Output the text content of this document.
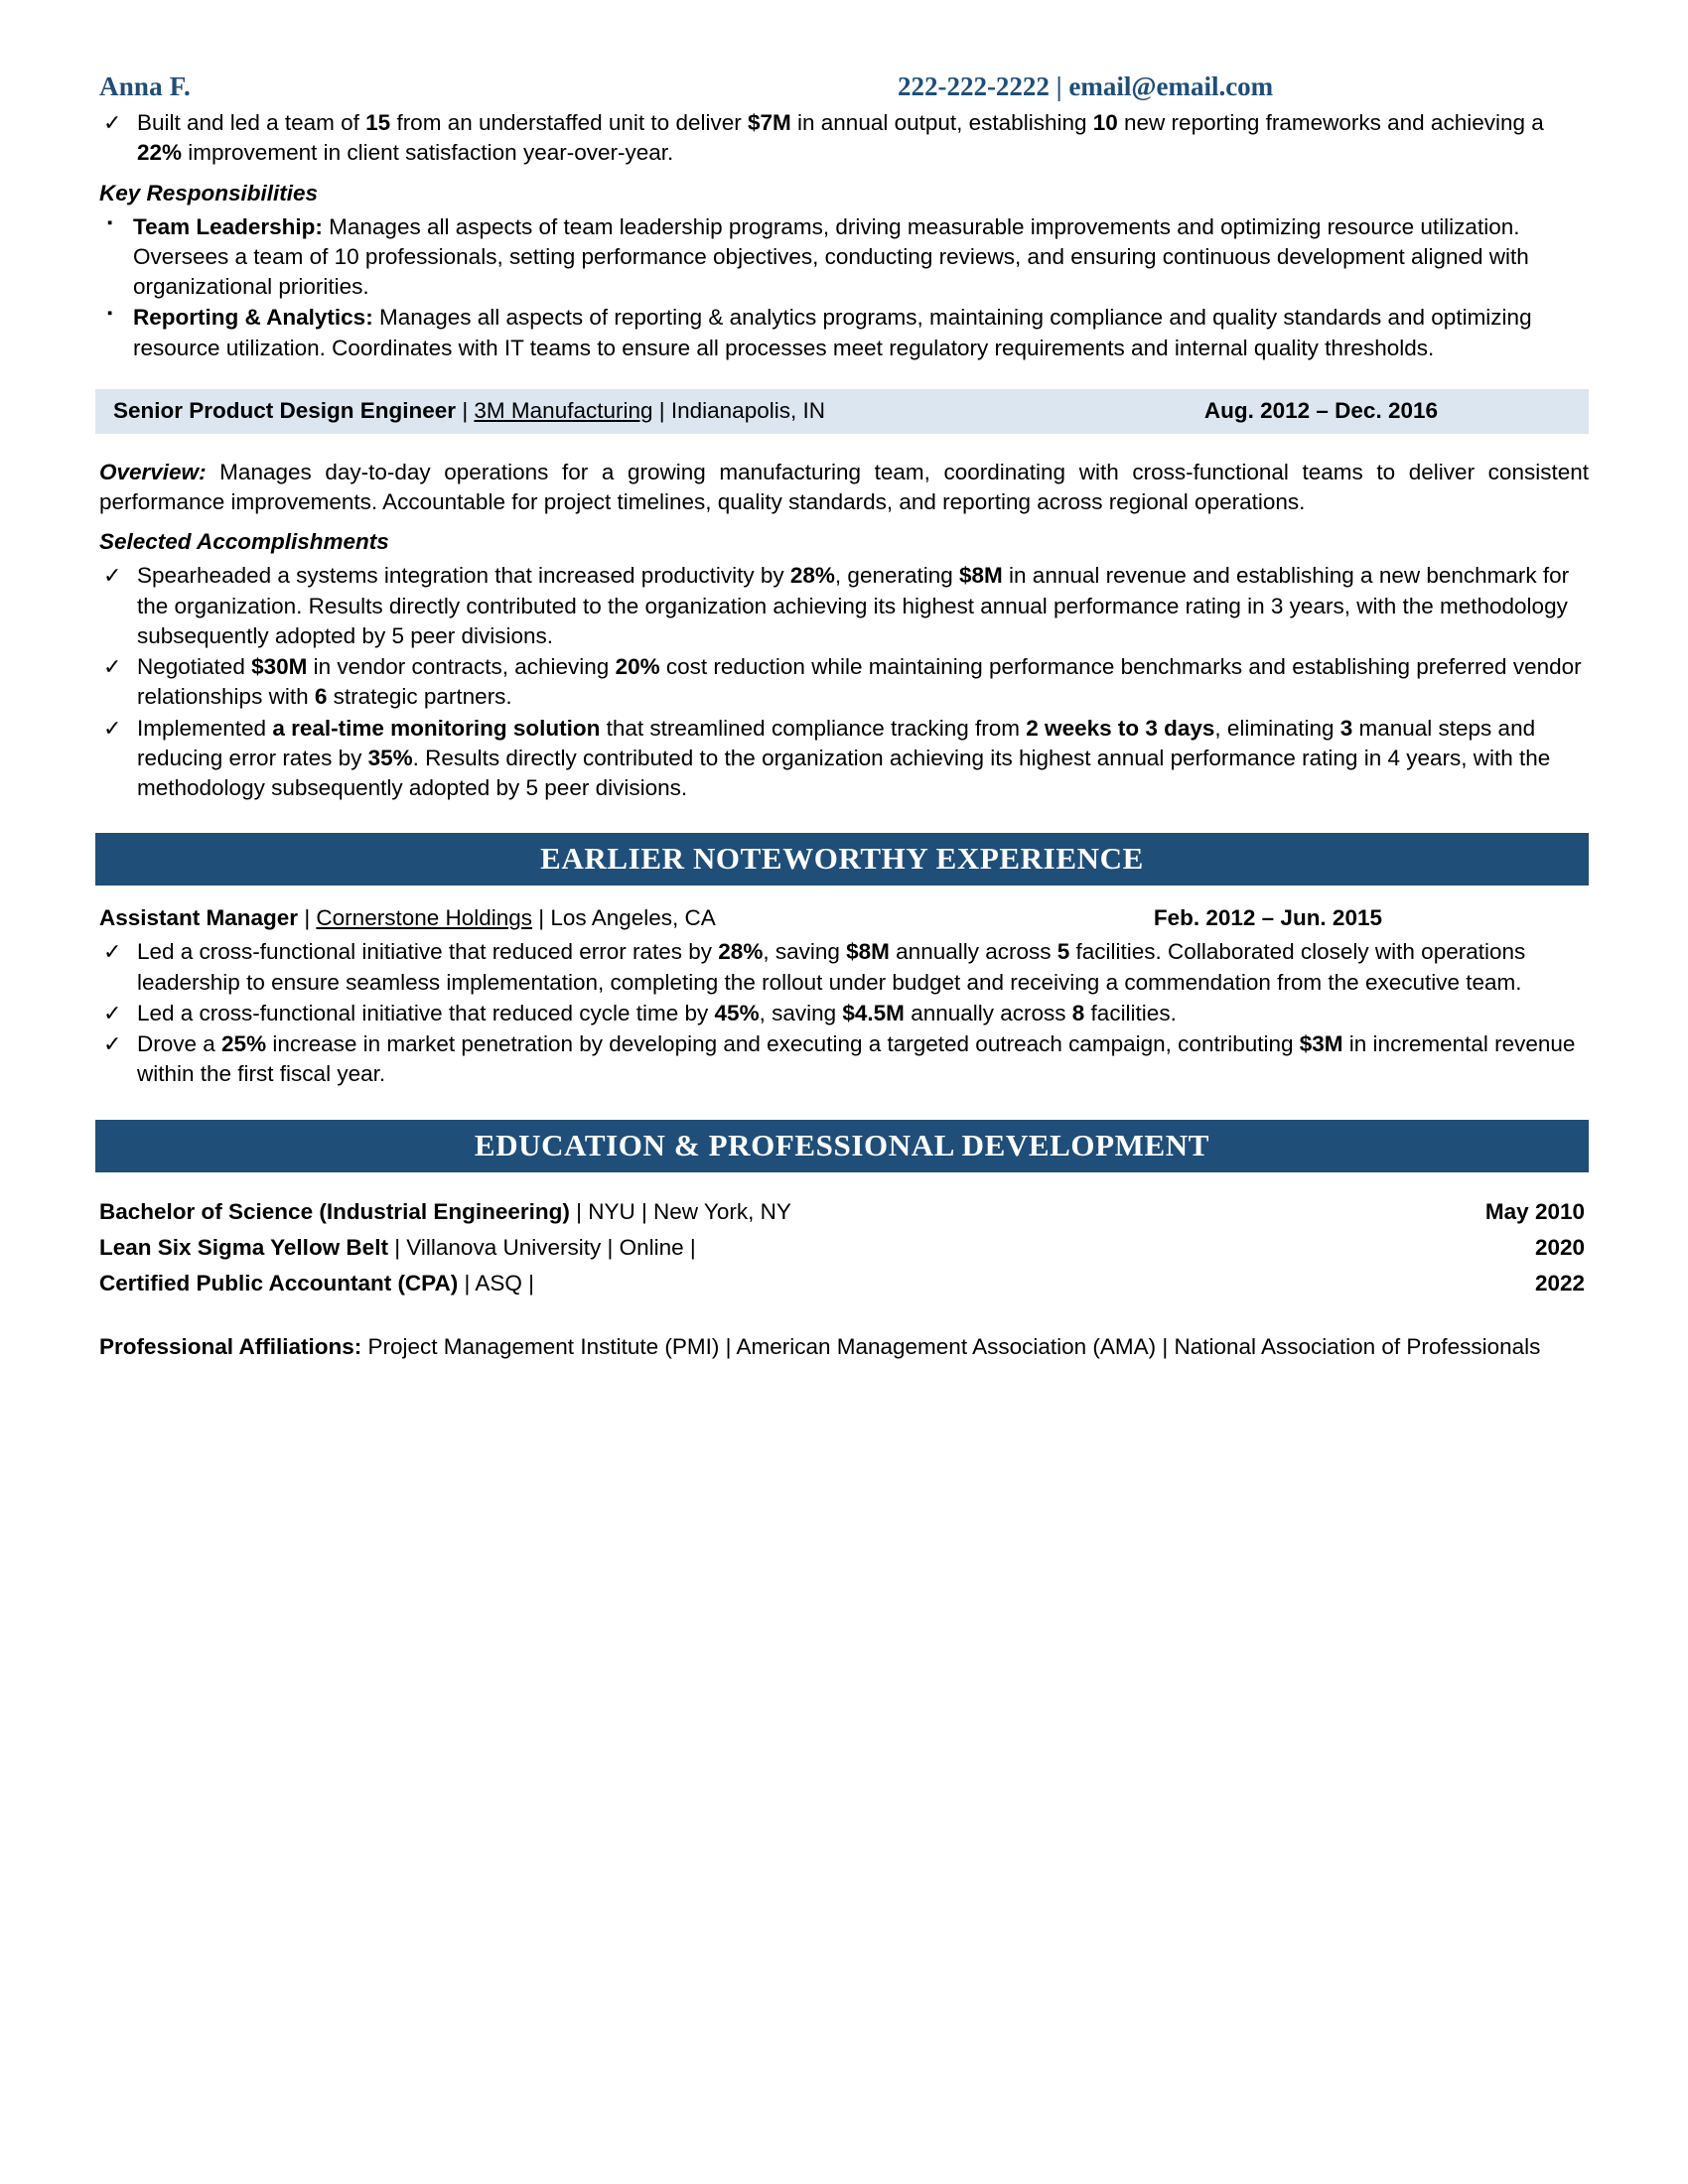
Anna F.	222-222-2222 | email@email.com
✓ Built and led a team of 15 from an understaffed unit to deliver $7M in annual output, establishing 10 new reporting frameworks and achieving a 22% improvement in client satisfaction year-over-year.
Key Responsibilities
▪ Team Leadership: Manages all aspects of team leadership programs, driving measurable improvements and optimizing resource utilization. Oversees a team of 10 professionals, setting performance objectives, conducting reviews, and ensuring continuous development aligned with organizational priorities.
▪ Reporting & Analytics: Manages all aspects of reporting & analytics programs, maintaining compliance and quality standards and optimizing resource utilization. Coordinates with IT teams to ensure all processes meet regulatory requirements and internal quality thresholds.
Senior Product Design Engineer | 3M Manufacturing | Indianapolis, IN	Aug. 2012 – Dec. 2016
Overview: Manages day-to-day operations for a growing manufacturing team, coordinating with cross-functional teams to deliver consistent performance improvements. Accountable for project timelines, quality standards, and reporting across regional operations.
Selected Accomplishments
✓ Spearheaded a systems integration that increased productivity by 28%, generating $8M in annual revenue and establishing a new benchmark for the organization. Results directly contributed to the organization achieving its highest annual performance rating in 3 years, with the methodology subsequently adopted by 5 peer divisions.
✓ Negotiated $30M in vendor contracts, achieving 20% cost reduction while maintaining performance benchmarks and establishing preferred vendor relationships with 6 strategic partners.
✓ Implemented a real-time monitoring solution that streamlined compliance tracking from 2 weeks to 3 days, eliminating 3 manual steps and reducing error rates by 35%. Results directly contributed to the organization achieving its highest annual performance rating in 4 years, with the methodology subsequently adopted by 5 peer divisions.
EARLIER NOTEWORTHY EXPERIENCE
Assistant Manager | Cornerstone Holdings | Los Angeles, CA	Feb. 2012 – Jun. 2015
✓ Led a cross-functional initiative that reduced error rates by 28%, saving $8M annually across 5 facilities. Collaborated closely with operations leadership to ensure seamless implementation, completing the rollout under budget and receiving a commendation from the executive team.
✓ Led a cross-functional initiative that reduced cycle time by 45%, saving $4.5M annually across 8 facilities.
✓ Drove a 25% increase in market penetration by developing and executing a targeted outreach campaign, contributing $3M in incremental revenue within the first fiscal year.
EDUCATION & PROFESSIONAL DEVELOPMENT
Bachelor of Science (Industrial Engineering) | NYU | New York, NY	May 2010
Lean Six Sigma Yellow Belt | Villanova University | Online |	2020
Certified Public Accountant (CPA) | ASQ |	2022
Professional Affiliations: Project Management Institute (PMI) | American Management Association (AMA) | National Association of Professionals
